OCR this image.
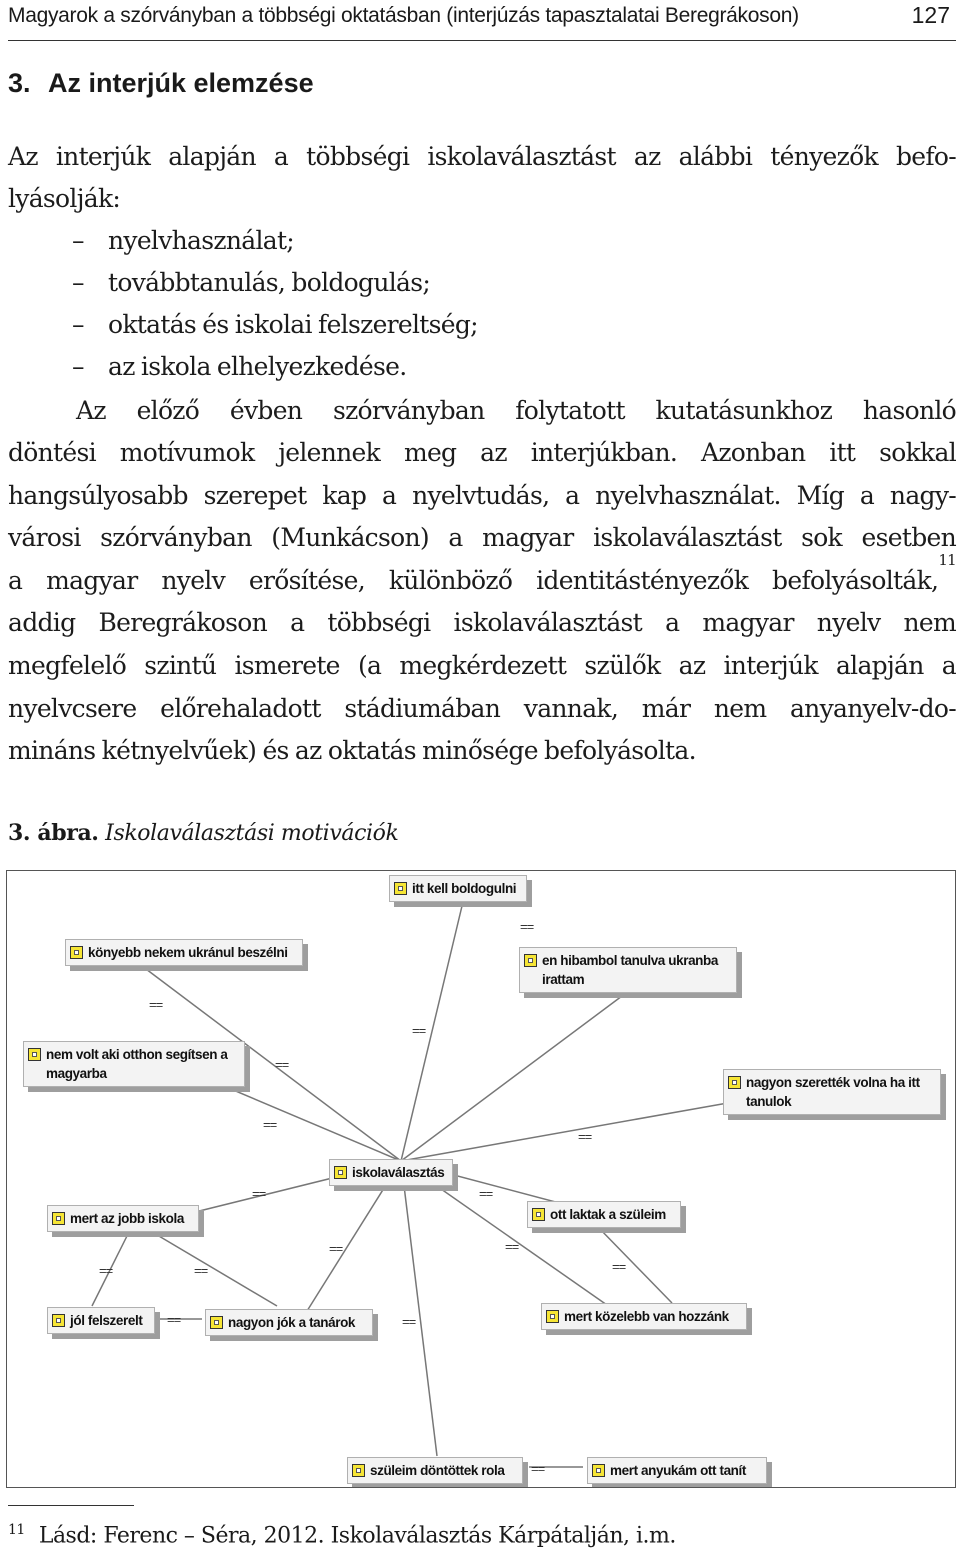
Magyarok a szórványban a többségi oktatásban (interjúzás tapasztalatai Beregrákoson)	127
3. Az interjúk elemzése
Az interjúk alapján a többségi iskolaválasztást az alábbi tényezők befo-
lyásolják:
– nyelvhasználat;
– továbbtanulás, boldogulás;
– oktatás és iskolai felszereltség;
– az iskola elhelyezkedése.
Az előző évben szórványban folytatott kutatásunkhoz hasonló
döntési motívumok jelennek meg az interjúkban. Azonban itt sokkal
hangsúlyosabb szerepet kap a nyelvtudás, a nyelvhasználat. Míg a nagy-
városi szórványban (Munkácson) a magyar iskolaválasztást sok esetben
a magyar nyelv erősítése, különböző identitástényezők befolyásolták,
11
addig Beregrákoson a többségi iskolaválasztást a magyar nyelv nem
megfelelő szintű ismerete (a megkérdezett szülők az interjúk alapján a
nyelvcsere előrehaladott stádiumában vannak, már nem anyanyelv-do-
mináns kétnyelvűek) és az oktatás minősége befolyásolta.
3. ábra. Iskolaválasztási motivációk
==
==
==
==
==
==
==	==
==	==
==	==	==
==	==
==
itt kell boldogulni
könyebb nekem ukránul beszélni
en hibambol tanulva ukranba irattam
nem volt aki otthon segítsen a magyarba
nagyon szerették volna ha itt tanulok
iskolaválasztás
mert az jobb iskola	ott laktak a szüleim
jól felszerelt	nagyon jók a tanárok	mert közelebb van hozzánk
szüleim döntöttek rola	mert anyukám ott tanít
$^{11}$ Lásd: Ferenc – Séra, 2012. Iskolaválasztás Kárpátalján, i.m.
